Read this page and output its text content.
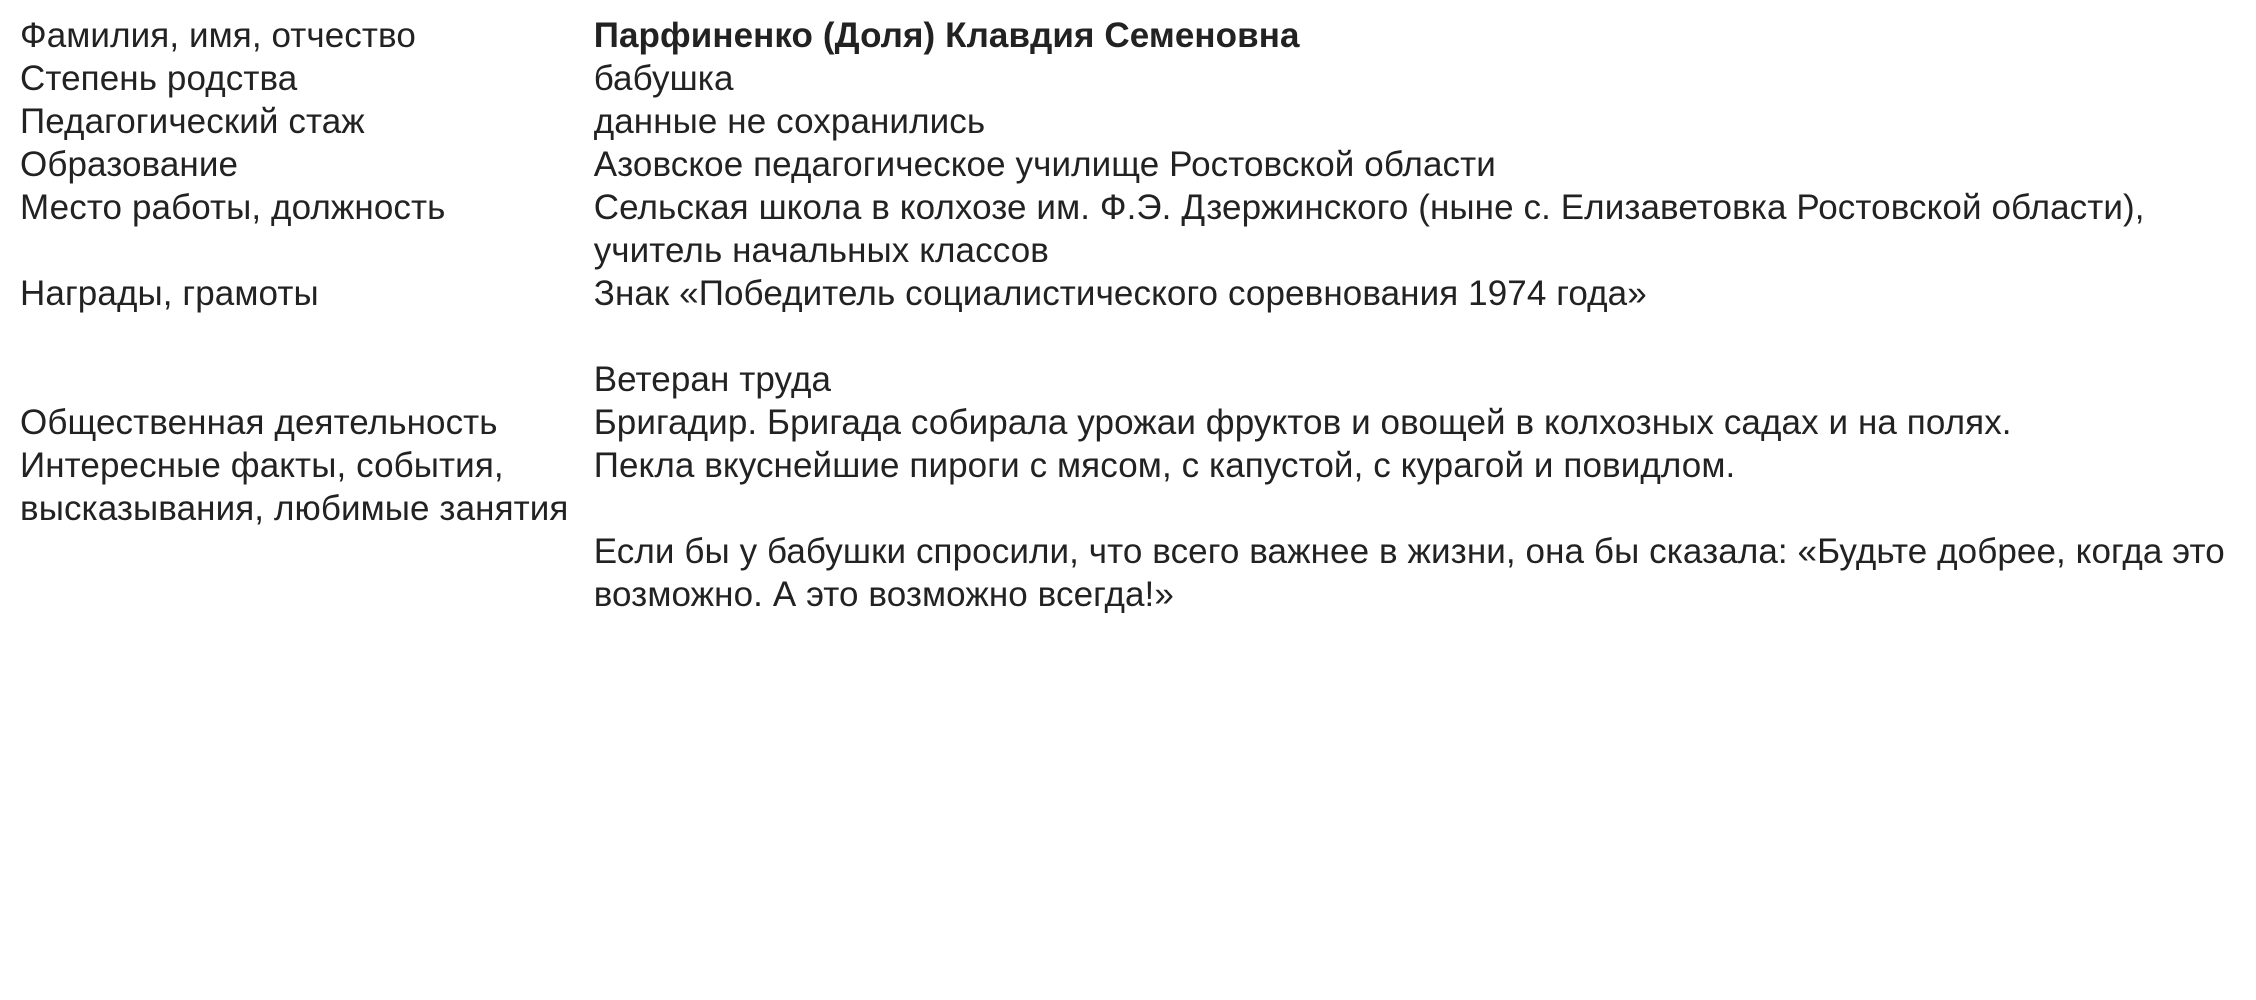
Фамилия, имя, отчество	Парфиненко (Доля) Клавдия Семеновна

Степень родства	бабушка

Педагогический стаж	данные не сохранились

Образование	Азовское педагогическое училище Ростовской области

Место работы, должность	Сельская школа в колхозе им. Ф.Э. Дзержинского (ныне с. Елизаветовка Ростовской области), учитель начальных классов

Награды, грамоты	Знак «Победитель социалистического соревнования 1974 года»
Ветеран труда

Общественная деятельность	Бригадир. Бригада собирала урожаи фруктов и овощей в колхозных садах и на полях.

Интересные факты, события, высказывания, любимые занятия	Пекла вкуснейшие пироги с мясом, с капустой, с курагой и повидлом.
Если бы у бабушки спросили, что всего важнее в жизни, она бы сказала: «Будьте добрее, когда это возможно. А это возможно всегда!»
